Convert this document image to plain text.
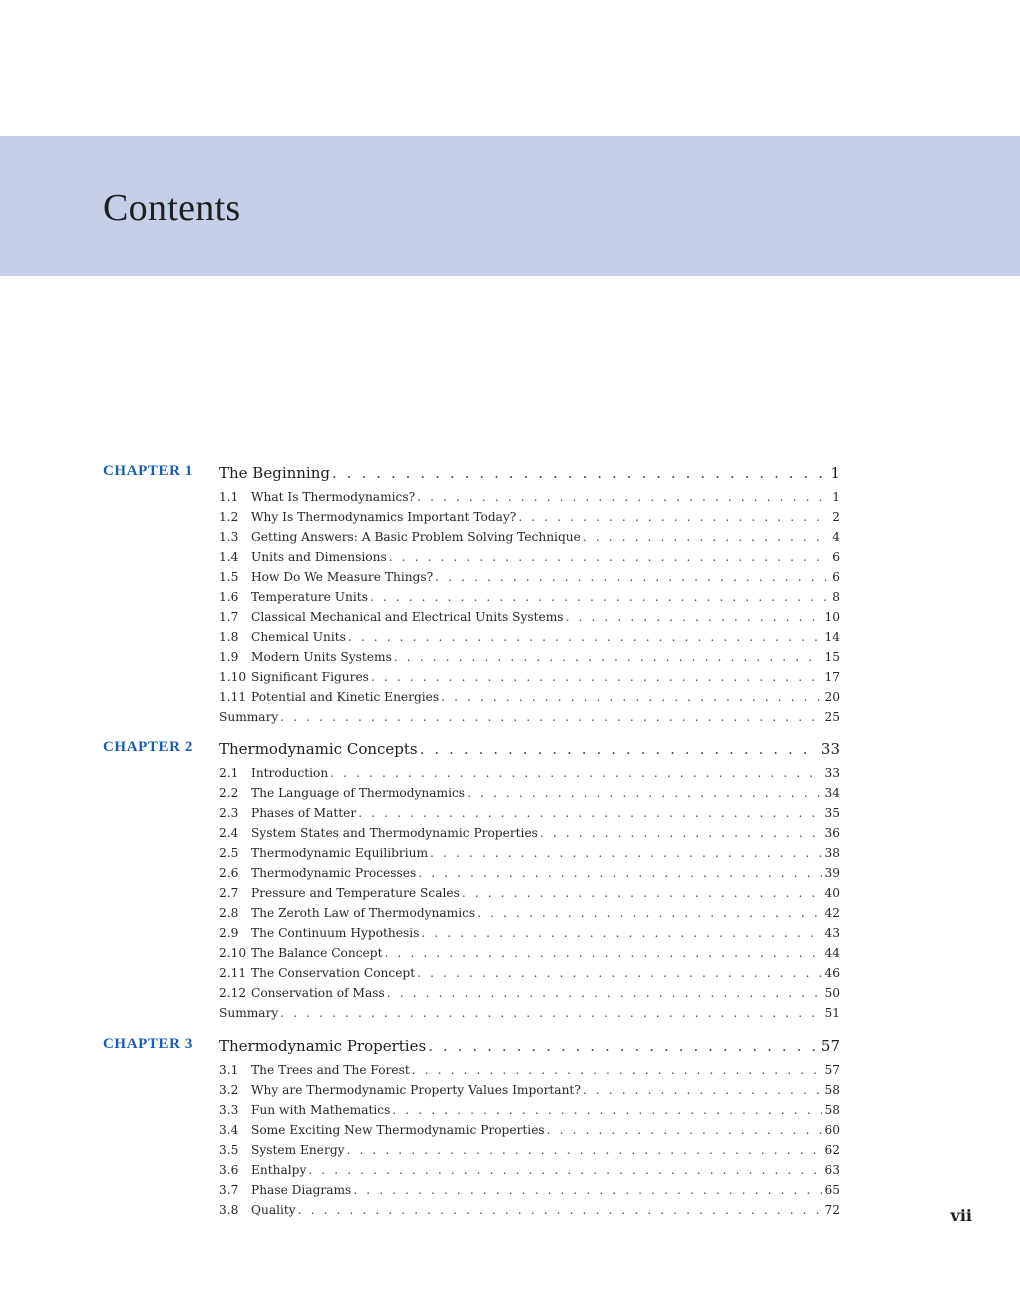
Contents
CHAPTER 1 The Beginning . . .	1
1.1	What Is Thermodynamics? . . .	1
1.2	Why Is Thermodynamics Important Today? . . .	2
1.3	Getting Answers: A Basic Problem Solving Technique . . .	4
1.4	Units and Dimensions . . .	6
1.5	How Do We Measure Things? . . .	6
1.6	Temperature Units . . .	8
1.7	Classical Mechanical and Electrical Units Systems . . .	10
1.8	Chemical Units . . .	14
1.9	Modern Units Systems . . .	15
1.10 Significant Figures . . .	17
1.11 Potential and Kinetic Energies . . .	20
Summary . . .	25
CHAPTER 2 Thermodynamic Concepts . . .	33
2.1	Introduction . . .	33
2.2	The Language of Thermodynamics . . .	34
2.3	Phases of Matter . . .	35
2.4	System States and Thermodynamic Properties . . .	36
2.5	Thermodynamic Equilibrium . . .	38
2.6	Thermodynamic Processes . . .	39
2.7	Pressure and Temperature Scales . . .	40
2.8	The Zeroth Law of Thermodynamics . . .	42
2.9	The Continuum Hypothesis . . .	43
2.10 The Balance Concept . . .	44
2.11 The Conservation Concept . . .	46
2.12 Conservation of Mass . . .	50
Summary . . .	51
CHAPTER 3 Thermodynamic Properties . . .	57
3.1	The Trees and The Forest . . .	57
3.2	Why are Thermodynamic Property Values Important? . . .	58
3.3	Fun with Mathematics . . .	58
3.4	Some Exciting New Thermodynamic Properties . . .	60
3.5	System Energy . . .	62
3.6	Enthalpy . . .	63
3.7	Phase Diagrams . . .	65
3.8	Quality . . .	72	vii
